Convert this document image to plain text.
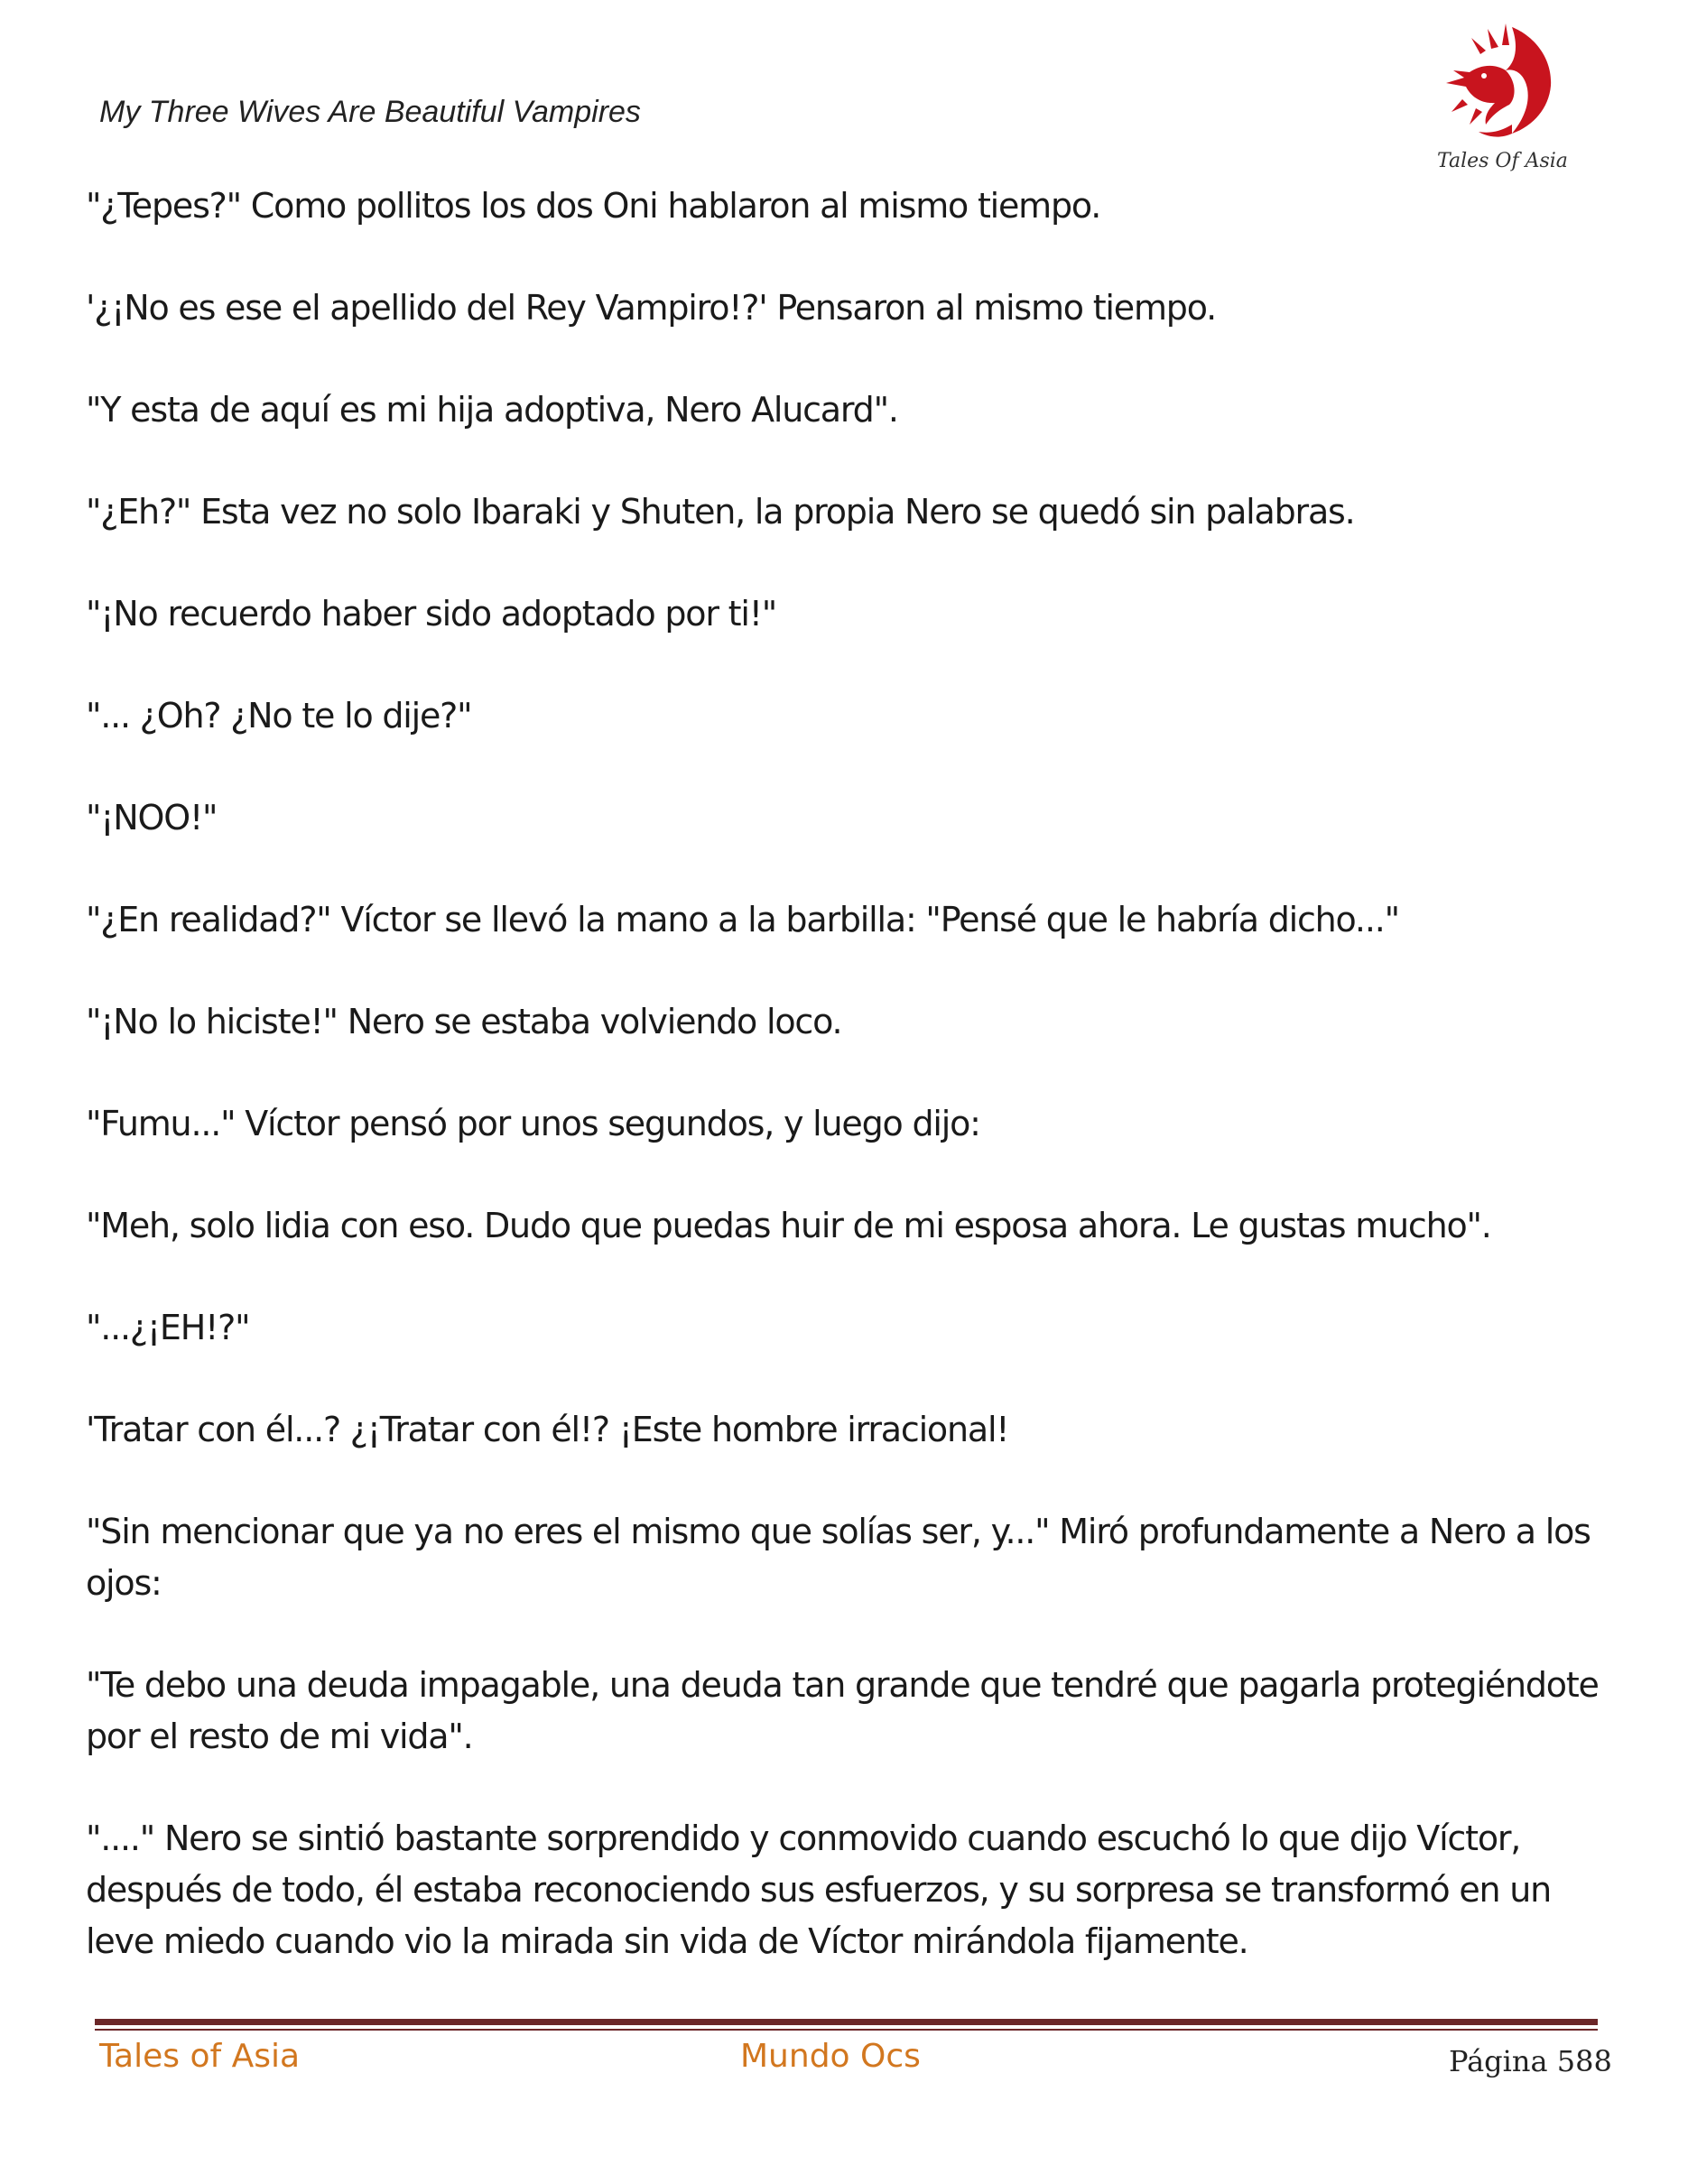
My Three Wives Are Beautiful Vampires
Tales Of Asia

"¿Tepes?" Como pollitos los dos Oni hablaron al mismo tiempo.

'¿¡No es ese el apellido del Rey Vampiro!?' Pensaron al mismo tiempo.

"Y esta de aquí es mi hija adoptiva, Nero Alucard".

"¿Eh?" Esta vez no solo Ibaraki y Shuten, la propia Nero se quedó sin palabras.

"¡No recuerdo haber sido adoptado por ti!"

"... ¿Oh? ¿No te lo dije?"

"¡NOO!"

"¿En realidad?" Víctor se llevó la mano a la barbilla: "Pensé que le habría dicho..."

"¡No lo hiciste!" Nero se estaba volviendo loco.

"Fumu..." Víctor pensó por unos segundos, y luego dijo:

"Meh, solo lidia con eso. Dudo que puedas huir de mi esposa ahora. Le gustas mucho".

"...¿¡EH!?"

'Tratar con él...? ¿¡Tratar con él!? ¡Este hombre irracional!

"Sin mencionar que ya no eres el mismo que solías ser, y..." Miró profundamente a Nero a los ojos:

"Te debo una deuda impagable, una deuda tan grande que tendré que pagarla protegiéndote por el resto de mi vida".

"...." Nero se sintió bastante sorprendido y conmovido cuando escuchó lo que dijo Víctor, después de todo, él estaba reconociendo sus esfuerzos, y su sorpresa se transformó en un leve miedo cuando vio la mirada sin vida de Víctor mirándola fijamente.

Tales of Asia	Mundo Ocs	Página 588
